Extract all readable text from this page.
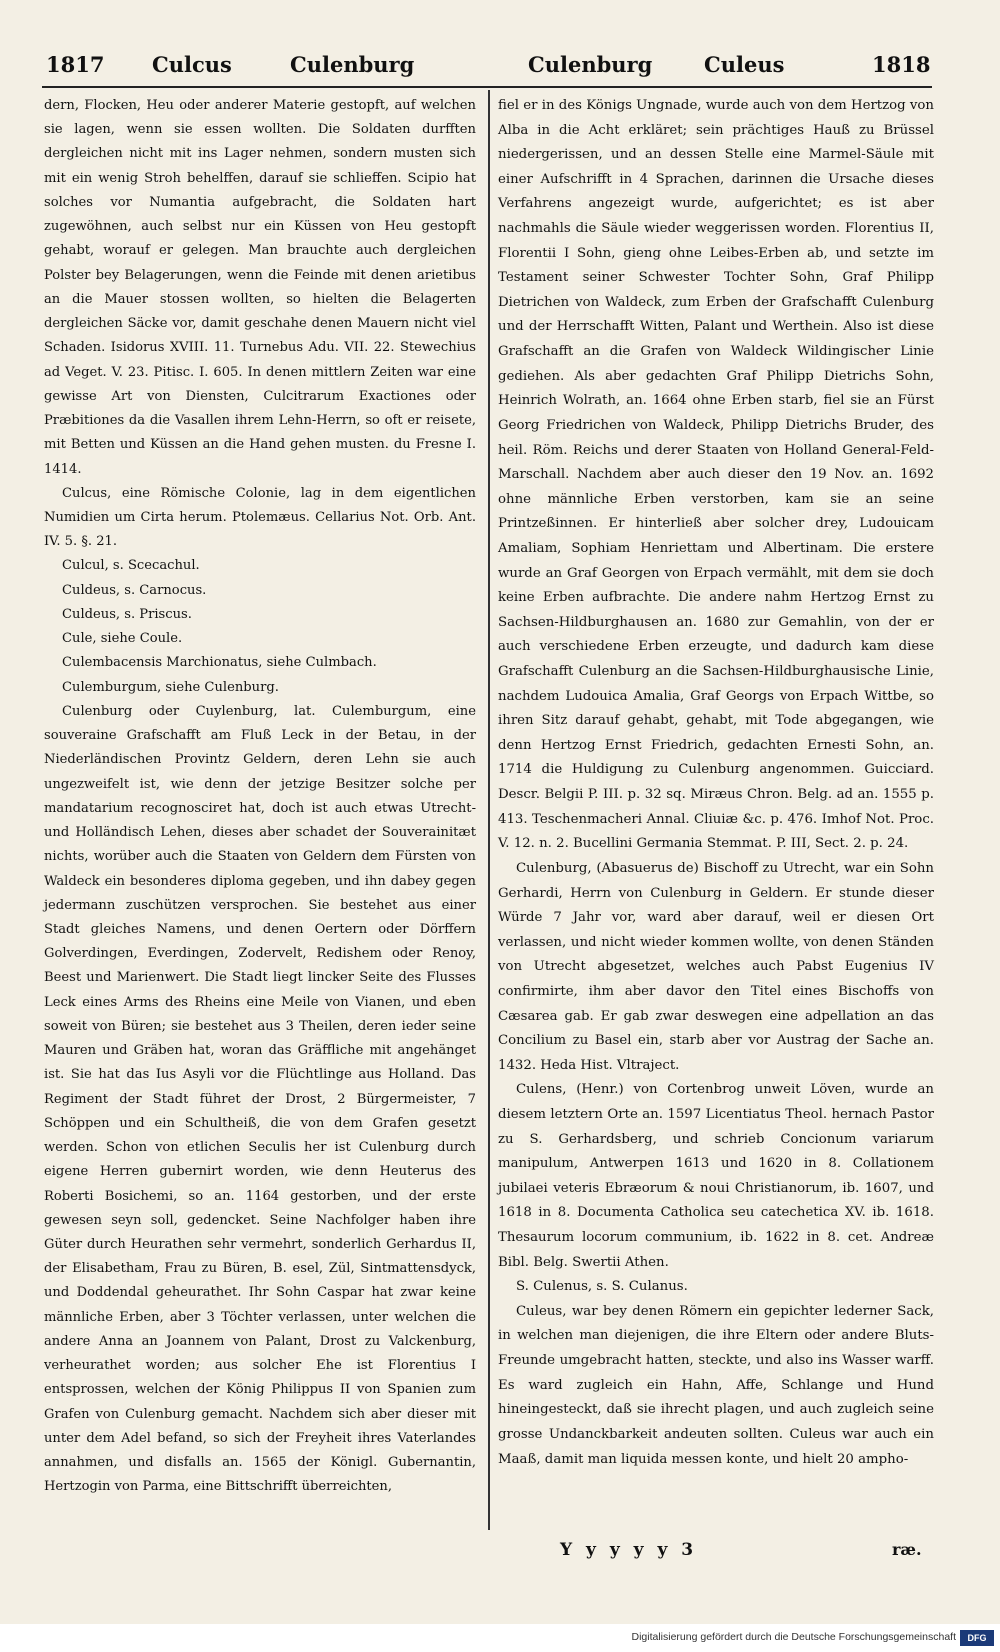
1817 Culcus	Culenburg	Culenburg Culeus	1818

dern, Flocken, Heu oder anderer Materie gestopft, auf welchen sie lagen, wenn sie essen wollten. Die Soldaten durfften dergleichen nicht mit ins Lager nehmen, sondern musten sich mit ein wenig Stroh behelffen, darauf sie schlieffen. Scipio hat solches vor Numantia aufgebracht, die Soldaten hart zugewöhnen, auch selbst nur ein Küssen von Heu gestopft gehabt, worauf er gelegen. Man brauchte auch dergleichen Polster bey Belagerungen, wenn die Feinde mit denen arietibus an die Mauer stossen wollten, so hielten die Belagerten dergleichen Säcke vor, damit geschahe denen Mauern nicht viel Schaden. Isidorus XVIII. 11. Turnebus Adu. VII. 22. Stewechius ad Veget. V. 23. Pitisc. I. 605. In denen mittlern Zeiten war eine gewisse Art von Diensten, Culcitrarum Exactiones oder Præbitiones da die Vasallen ihrem Lehn-Herrn, so oft er reisete, mit Betten und Küssen an die Hand gehen musten. du Fresne I. 1414.

Culcus, eine Römische Colonie, lag in dem eigentlichen Numidien um Cirta herum. Ptolemæus. Cellarius Not. Orb. Ant. IV. 5. §. 21.

Culcul, s. Scecachul.

Culdeus, s. Carnocus.

Culdeus, s. Priscus.

Cule, siehe Coule.

Culembacensis Marchionatus, siehe Culmbach.

Culemburgum, siehe Culenburg.

Culenburg oder Cuylenburg, lat. Culemburgum, eine souveraine Grafschafft am Fluß Leck in der Betau, in der Niederländischen Provintz Geldern, deren Lehn sie auch ungezweifelt ist, wie denn der jetzige Besitzer solche per mandatarium recognosciret hat, doch ist auch etwas Utrecht- und Holländisch Lehen, dieses aber schadet der Souverainitæt nichts, worüber auch die Staaten von Geldern dem Fürsten von Waldeck ein besonderes diploma gegeben, und ihn dabey gegen jedermann zuschützen versprochen. Sie bestehet aus einer Stadt gleiches Namens, und denen Oertern oder Dörffern Golverdingen, Everdingen, Zodervelt, Redishem oder Renoy, Beest und Marienwert. Die Stadt liegt lincker Seite des Flusses Leck eines Arms des Rheins eine Meile von Vianen, und eben soweit von Büren; sie bestehet aus 3 Theilen, deren ieder seine Mauren und Gräben hat, woran das Gräffliche mit angehänget ist. Sie hat das Ius Asyli vor die Flüchtlinge aus Holland. Das Regiment der Stadt führet der Drost, 2 Bürgermeister, 7 Schöppen und ein Schultheiß, die von dem Grafen gesetzt werden. Schon von etlichen Seculis her ist Culenburg durch eigene Herren gubernirt worden, wie denn Heuterus des Roberti Bosichemi, so an. 1164 gestorben, und der erste gewesen seyn soll, gedencket. Seine Nachfolger haben ihre Güter durch Heurathen sehr vermehrt, sonderlich Gerhardus II, der Elisabetham, Frau zu Büren, B. esel, Zül, Sintmattensdyck, und Doddendal geheurathet. Ihr Sohn Caspar hat zwar keine männliche Erben, aber 3 Töchter verlassen, unter welchen die andere Anna an Joannem von Palant, Drost zu Valckenburg, verheurathet worden; aus solcher Ehe ist Florentius I entsprossen, welchen der König Philippus II von Spanien zum Grafen von Culenburg gemacht. Nachdem sich aber dieser mit unter dem Adel befand, so sich der Freyheit ihres Vaterlandes annahmen, und disfalls an. 1565 der Königl. Gubernantin, Hertzogin von Parma, eine Bittschrifft überreichten,

fiel er in des Königs Ungnade, wurde auch von dem Hertzog von Alba in die Acht erkläret; sein prächtiges Hauß zu Brüssel niedergerissen, und an dessen Stelle eine Marmel-Säule mit einer Aufschrifft in 4 Sprachen, darinnen die Ursache dieses Verfahrens angezeigt wurde, aufgerichtet; es ist aber nachmahls die Säule wieder weggerissen worden. Florentius II, Florentii I Sohn, gieng ohne Leibes-Erben ab, und setzte im Testament seiner Schwester Tochter Sohn, Graf Philipp Dietrichen von Waldeck, zum Erben der Grafschafft Culenburg und der Herrschafft Witten, Palant und Werthein. Also ist diese Grafschafft an die Grafen von Waldeck Wildingischer Linie gediehen. Als aber gedachten Graf Philipp Dietrichs Sohn, Heinrich Wolrath, an. 1664 ohne Erben starb, fiel sie an Fürst Georg Friedrichen von Waldeck, Philipp Dietrichs Bruder, des heil. Röm. Reichs und derer Staaten von Holland General-Feld-Marschall. Nachdem aber auch dieser den 19 Nov. an. 1692 ohne männliche Erben verstorben, kam sie an seine Printzeßinnen. Er hinterließ aber solcher drey, Ludouicam Amaliam, Sophiam Henriettam und Albertinam. Die erstere wurde an Graf Georgen von Erpach vermählt, mit dem sie doch keine Erben aufbrachte. Die andere nahm Hertzog Ernst zu Sachsen-Hildburghausen an. 1680 zur Gemahlin, von der er auch verschiedene Erben erzeugte, und dadurch kam diese Grafschafft Culenburg an die Sachsen-Hildburghausische Linie, nachdem Ludouica Amalia, Graf Georgs von Erpach Wittbe, so ihren Sitz darauf gehabt, gehabt, mit Tode abgegangen, wie denn Hertzog Ernst Friedrich, gedachten Ernesti Sohn, an. 1714 die Huldigung zu Culenburg angenommen. Guicciard. Descr. Belgii P. III. p. 32 sq. Miræus Chron. Belg. ad an. 1555 p. 413. Teschenmacheri Annal. Cliuiæ &c. p. 476. Imhof Not. Proc. V. 12. n. 2. Bucellini Germania Stemmat. P. III, Sect. 2. p. 24.

Culenburg, (Abasuerus de) Bischoff zu Utrecht, war ein Sohn Gerhardi, Herrn von Culenburg in Geldern. Er stunde dieser Würde 7 Jahr vor, ward aber darauf, weil er diesen Ort verlassen, und nicht wieder kommen wollte, von denen Ständen von Utrecht abgesetzet, welches auch Pabst Eugenius IV confirmirte, ihm aber davor den Titel eines Bischoffs von Cæsarea gab. Er gab zwar deswegen eine adpellation an das Concilium zu Basel ein, starb aber vor Austrag der Sache an. 1432. Heda Hist. Vltraject.

Culens, (Henr.) von Cortenbrog unweit Löven, wurde an diesem letztern Orte an. 1597 Licentiatus Theol. hernach Pastor zu S. Gerhardsberg, und schrieb Concionum variarum manipulum, Antwerpen 1613 und 1620 in 8. Collationem jubilaei veteris Ebræorum & noui Christianorum, ib. 1607, und 1618 in 8. Documenta Catholica seu catechetica XV. ib. 1618. Thesaurum locorum communium, ib. 1622 in 8. cet. Andreæ Bibl. Belg. Swertii Athen.

S. Culenus, s. S. Culanus.

Culeus, war bey denen Römern ein gepichter lederner Sack, in welchen man diejenigen, die ihre Eltern oder andere Bluts-Freunde umgebracht hatten, steckte, und also ins Wasser warff. Es ward zugleich ein Hahn, Affe, Schlange und Hund hineingesteckt, daß sie ihrecht plagen, und auch zugleich seine grosse Undanckbarkeit andeuten sollten. Culeus war auch ein Maaß, damit man liquida messen konte, und hielt 20 ampho-

Y y y y y 3	ræ.
Digitalisierung gefördert durch die Deutsche Forschungsgemeinschaft	DFG
